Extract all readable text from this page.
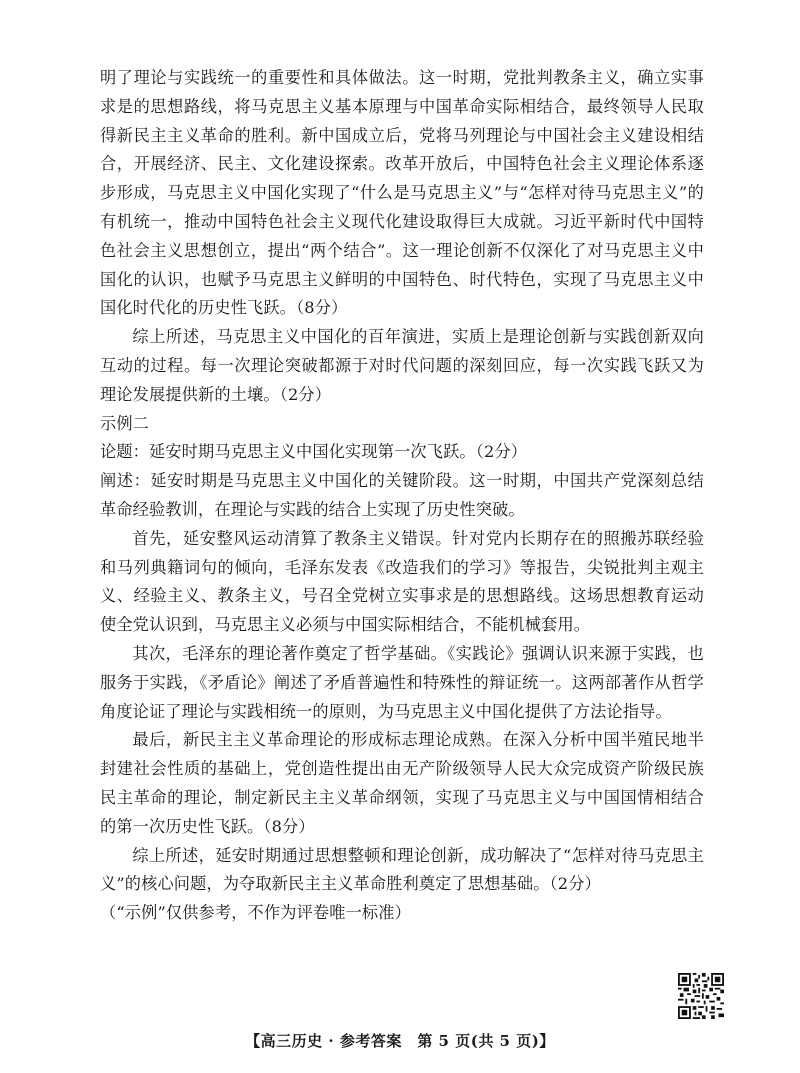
明了理论与实践统一的重要性和具体做法。这一时期，党批判教条主义，确立实事求是的思想路线，将马克思主义基本原理与中国革命实际相结合，最终领导人民取得新民主主义革命的胜利。新中国成立后，党将马列理论与中国社会主义建设相结合，开展经济、民主、文化建设探索。改革开放后，中国特色社会主义理论体系逐步形成，马克思主义中国化实现了“什么是马克思主义”与“怎样对待马克思主义”的有机统一，推动中国特色社会主义现代化建设取得巨大成就。习近平新时代中国特色社会主义思想创立，提出“两个结合”。这一理论创新不仅深化了对马克思主义中国化的认识，也赋予马克思主义鲜明的中国特色、时代特色，实现了马克思主义中国化时代化的历史性飞跃。（8分）

综上所述，马克思主义中国化的百年演进，实质上是理论创新与实践创新双向互动的过程。每一次理论突破都源于对时代问题的深刻回应，每一次实践飞跃又为理论发展提供新的土壤。（2分）

示例二

论题：延安时期马克思主义中国化实现第一次飞跃。（2分）

阐述：延安时期是马克思主义中国化的关键阶段。这一时期，中国共产党深刻总结革命经验教训，在理论与实践的结合上实现了历史性突破。

首先，延安整风运动清算了教条主义错误。针对党内长期存在的照搬苏联经验和马列典籍词句的倾向，毛泽东发表《改造我们的学习》等报告，尖锐批判主观主义、经验主义、教条主义，号召全党树立实事求是的思想路线。这场思想教育运动使全党认识到，马克思主义必须与中国实际相结合，不能机械套用。

其次，毛泽东的理论著作奠定了哲学基础。《实践论》强调认识来源于实践，也服务于实践，《矛盾论》阐述了矛盾普遍性和特殊性的辩证统一。这两部著作从哲学角度论证了理论与实践相统一的原则，为马克思主义中国化提供了方法论指导。

最后，新民主主义革命理论的形成标志理论成熟。在深入分析中国半殖民地半封建社会性质的基础上，党创造性提出由无产阶级领导人民大众完成资产阶级民族民主革命的理论，制定新民主主义革命纲领，实现了马克思主义与中国国情相结合的第一次历史性飞跃。（8分）

综上所述，延安时期通过思想整顿和理论创新，成功解决了“怎样对待马克思主义”的核心问题，为夺取新民主主义革命胜利奠定了思想基础。（2分）

（“示例”仅供参考，不作为评卷唯一标准）

【高三历史 · 参考答案　第 5 页(共 5 页)】
